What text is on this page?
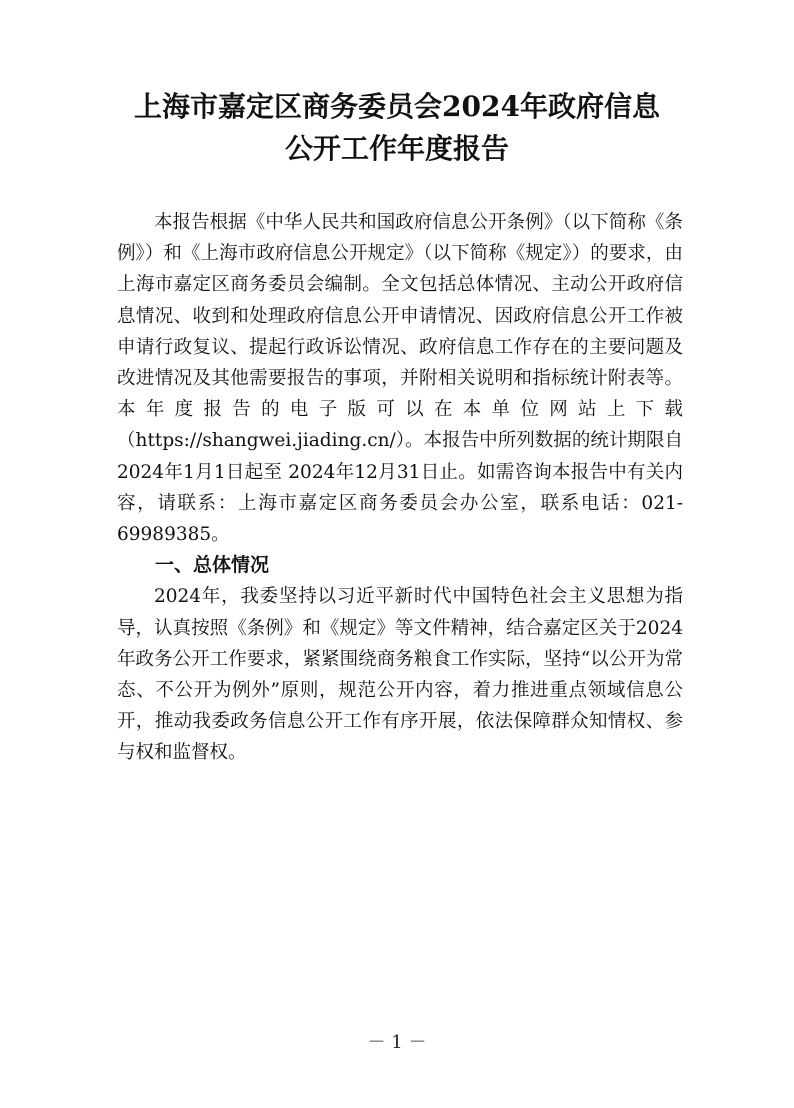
上海市嘉定区商务委员会2024年政府信息
公开工作年度报告

本报告根据《中华人民共和国政府信息公开条例》（以下简称《条例》）和《上海市政府信息公开规定》（以下简称《规定》）的要求，由上海市嘉定区商务委员会编制。全文包括总体情况、主动公开政府信息情况、收到和处理政府信息公开申请情况、因政府信息公开工作被申请行政复议、提起行政诉讼情况、政府信息工作存在的主要问题及改进情况及其他需要报告的事项，并附相关说明和指标统计附表等。本年度报告的电子版可以在本单位网站上下载（https://shangwei.jiading.cn/）。本报告中所列数据的统计期限自2024年1月1日起至 2024年12月31日止。如需咨询本报告中有关内容，请联系：上海市嘉定区商务委员会办公室，联系电话：021-69989385。

一、总体情况

2024年，我委坚持以习近平新时代中国特色社会主义思想为指导，认真按照《条例》和《规定》等文件精神，结合嘉定区关于2024年政务公开工作要求，紧紧围绕商务粮食工作实际，坚持“以公开为常态、不公开为例外”原则，规范公开内容，着力推进重点领域信息公开，推动我委政务信息公开工作有序开展，依法保障群众知情权、参与权和监督权。

－ 1 －
